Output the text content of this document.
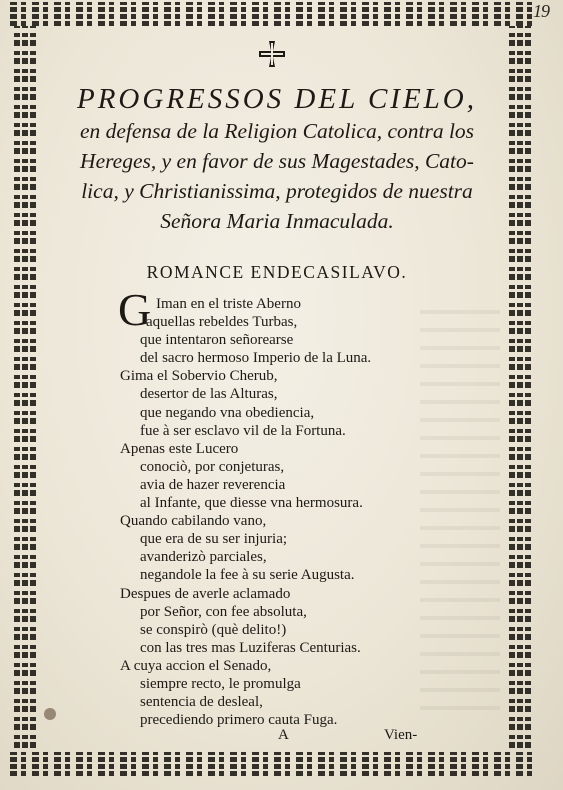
19
PROGRESSOS DEL CIELO,
en defensa de la Religion Catolica, contra los
Hereges, y en favor de sus Magestades, Cato-
lica, y Christianissima, protegidos de nuestra
Señora Maria Inmaculada.
ROMANCE ENDECASILAVO.
G Iman en el triste Aberno
aquellas rebeldes Turbas,
que intentaron señorearse
del sacro hermoso Imperio de la Luna.
Gima el Sobervio Cherub,
desertor de las Alturas,
que negando vna obediencia,
fue à ser esclavo vil de la Fortuna.
Apenas este Lucero
conociò, por conjeturas,
avia de hazer reverencia
al Infante, que diesse vna hermosura.
Quando cabilando vano,
que era de su ser injuria;
avanderizò parciales,
negandole la fee à su serie Augusta.
Despues de averle aclamado
por Señor, con fee absoluta,
se conspirò (què delito!)
con las tres mas Luziferas Centurias.
A cuya accion el Senado,
siempre recto, le promulga
sentencia de desleal,
precediendo primero cauta Fuga.
A	Vien-
